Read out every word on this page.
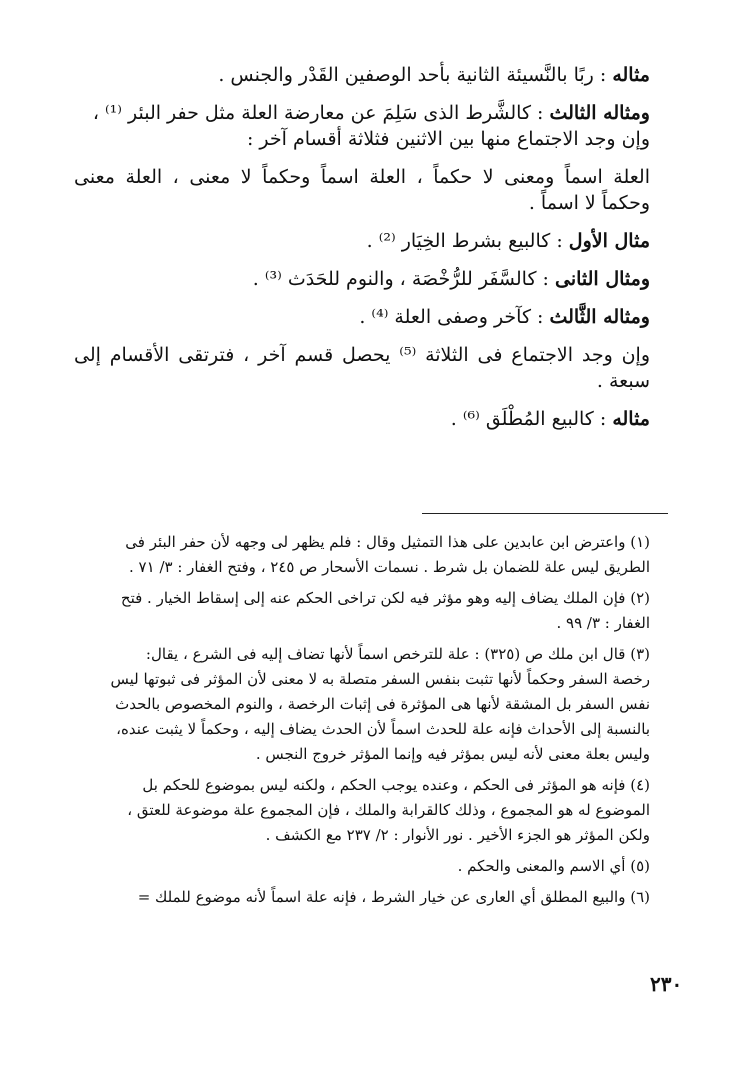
مثاله : ربًا بالنَّسيئة الثانية بأحد الوصفين القَدْر والجنس .

ومثاله الثالث : كالشَّرط الذى سَلِمَ عن معارضة العلة مثل حفر البئر ⁽¹⁾ ،

وإن وجد الاجتماع منها بين الاثنين فثلاثة أقسام آخر :

العلة اسماً ومعنى لا حكماً ، العلة اسماً وحكماً لا معنى ، العلة معنى

وحكماً لا اسماً .

مثال الأول : كالبيع بشرط الخِيَار ⁽²⁾ .

ومثال الثانى : كالسَّفَر للرُّخْصَة ، والنوم للحَدَث ⁽³⁾ .

ومثاله الثَّالث : كآخر وصفى العلة ⁽⁴⁾ .

وإن وجد الاجتماع فى الثلاثة ⁽⁵⁾ يحصل قسم آخر ، فترتقى الأقسام إلى

سبعة .

مثاله : كالبيع المُطْلَق ⁽⁶⁾ .

(١) واعترض ابن عابدين على هذا التمثيل وقال : فلم يظهر لى وجهه لأن حفر البئر فى

الطريق ليس علة للضمان بل شرط . نسمات الأسحار ص ٢٤٥ ، وفتح الغفار : ٣/ ٧١ .

(٢) فإن الملك يضاف إليه وهو مؤثر فيه لكن تراخى الحكم عنه إلى إسقاط الخيار . فتح

الغفار : ٣/ ٩٩ .

(٣) قال ابن ملك ص (٣٢٥) : علة للترخص اسماً لأنها تضاف إليه فى الشرع ، يقال:

رخصة السفر وحكماً لأنها تثبت بنفس السفر متصلة به لا معنى لأن المؤثر فى ثبوتها ليس

نفس السفر بل المشقة لأنها هى المؤثرة فى إثبات الرخصة ، والنوم المخصوص بالحدث

بالنسبة إلى الأحداث فإنه علة للحدث اسماً لأن الحدث يضاف إليه ، وحكماً لا يثبت عنده،

وليس بعلة معنى لأنه ليس بمؤثر فيه وإنما المؤثر خروج النجس .

(٤) فإنه هو المؤثر فى الحكم ، وعنده يوجب الحكم ، ولكنه ليس بموضوع للحكم بل

الموضوع له هو المجموع ، وذلك كالقرابة والملك ، فإن المجموع علة موضوعة للعتق ،

ولكن المؤثر هو الجزء الأخير . نور الأنوار : ٢/ ٢٣٧ مع الكشف .

(٥) أي الاسم والمعنى والحكم .

(٦) والبيع المطلق أي العارى عن خيار الشرط ، فإنه علة اسماً لأنه موضوع للملك =

٢٣٠
